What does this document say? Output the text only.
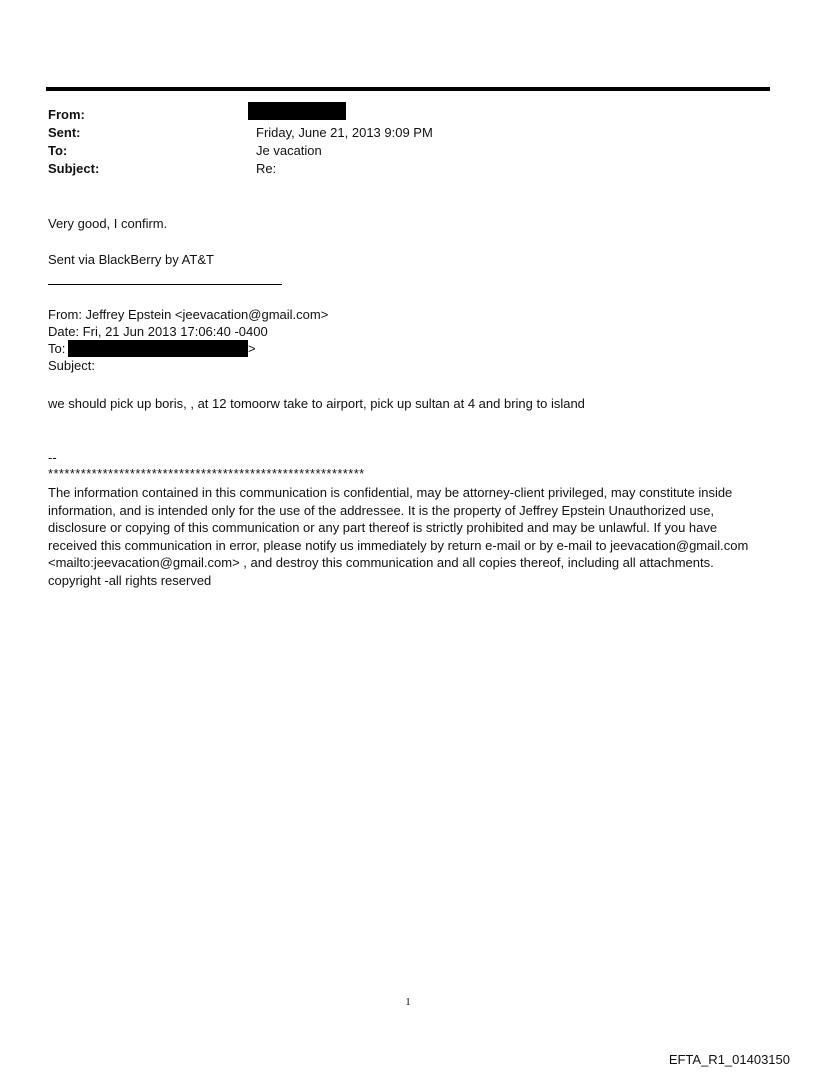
From:
Sent:	Friday, June 21, 2013 9:09 PM
To:	Je vacation
Subject:	Re:
Very good, I confirm.
Sent via BlackBerry by AT&T
From: Jeffrey Epstein <jeevacation@gmail.com>
Date: Fri, 21 Jun 2013 17:06:40 -0400
To:	>
Subject:
we should pick up boris, , at 12 tomoorw take to airport, pick up sultan at 4 and bring to island
--
**********************************************************
The information contained in this communication is confidential, may be attorney-client privileged, may constitute inside information, and is intended only for the use of the addressee. It is the property of Jeffrey Epstein Unauthorized use, disclosure or copying of this communication or any part thereof is strictly prohibited and may be unlawful. If you have received this communication in error, please notify us immediately by return e-mail or by e-mail to jeevacation@gmail.com <mailto:jeevacation@gmail.com> , and destroy this communication and all copies thereof, including all attachments. copyright -all rights reserved
1
EFTA_R1_01403150
